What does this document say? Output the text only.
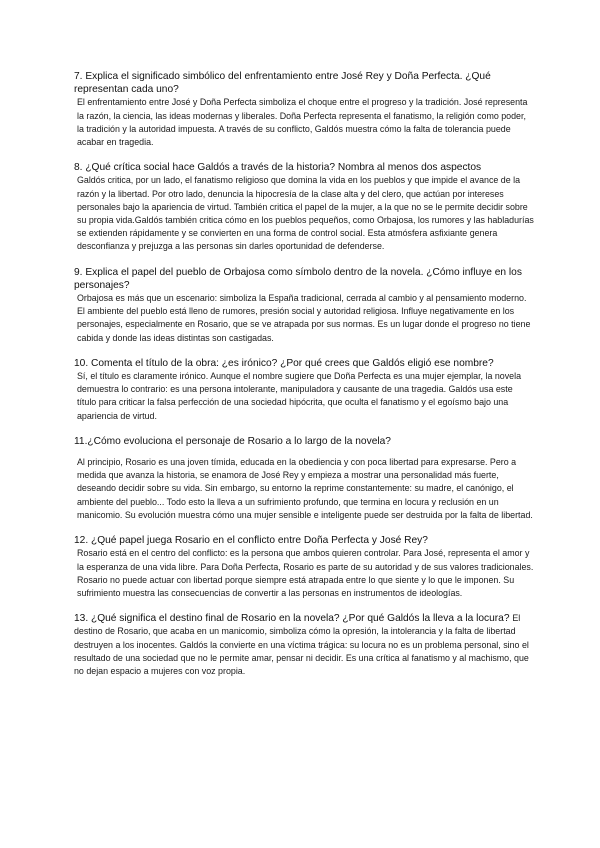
7. Explica el significado simbólico del enfrentamiento entre José Rey y Doña Perfecta. ¿Qué representan cada uno?

El enfrentamiento entre José y Doña Perfecta simboliza el choque entre el progreso y la tradición. José representa la razón, la ciencia, las ideas modernas y liberales. Doña Perfecta representa el fanatismo, la religión como poder, la tradición y la autoridad impuesta. A través de su conflicto, Galdós muestra cómo la falta de tolerancia puede acabar en tragedia.

8. ¿Qué crítica social hace Galdós a través de la historia? Nombra al menos dos aspectos

Galdós critica, por un lado, el fanatismo religioso que domina la vida en los pueblos y que impide el avance de la razón y la libertad. Por otro lado, denuncia la hipocresía de la clase alta y del clero, que actúan por intereses personales bajo la apariencia de virtud. También critica el papel de la mujer, a la que no se le permite decidir sobre su propia vida.Galdós también critica cómo en los pueblos pequeños, como Orbajosa, los rumores y las habladurías se extienden rápidamente y se convierten en una forma de control social. Esta atmósfera asfixiante genera desconfianza y prejuzga a las personas sin darles oportunidad de defenderse.

9. Explica el papel del pueblo de Orbajosa como símbolo dentro de la novela. ¿Cómo influye en los personajes?

Orbajosa es más que un escenario: simboliza la España tradicional, cerrada al cambio y al pensamiento moderno. El ambiente del pueblo está lleno de rumores, presión social y autoridad religiosa. Influye negativamente en los personajes, especialmente en Rosario, que se ve atrapada por sus normas. Es un lugar donde el progreso no tiene cabida y donde las ideas distintas son castigadas.

10. Comenta el título de la obra: ¿es irónico? ¿Por qué crees que Galdós eligió ese nombre?

Sí, el título es claramente irónico. Aunque el nombre sugiere que Doña Perfecta es una mujer ejemplar, la novela demuestra lo contrario: es una persona intolerante, manipuladora y causante de una tragedia. Galdós usa este título para criticar la falsa perfección de una sociedad hipócrita, que oculta el fanatismo y el egoísmo bajo una apariencia de virtud.

11.¿Cómo evoluciona el personaje de Rosario a lo largo de la novela?

Al principio, Rosario es una joven tímida, educada en la obediencia y con poca libertad para expresarse. Pero a medida que avanza la historia, se enamora de José Rey y empieza a mostrar una personalidad más fuerte, deseando decidir sobre su vida. Sin embargo, su entorno la reprime constantemente: su madre, el canónigo, el ambiente del pueblo... Todo esto la lleva a un sufrimiento profundo, que termina en locura y reclusión en un manicomio. Su evolución muestra cómo una mujer sensible e inteligente puede ser destruida por la falta de libertad.

12. ¿Qué papel juega Rosario en el conflicto entre Doña Perfecta y José Rey?

Rosario está en el centro del conflicto: es la persona que ambos quieren controlar. Para José, representa el amor y la esperanza de una vida libre. Para Doña Perfecta, Rosario es parte de su autoridad y de sus valores tradicionales. Rosario no puede actuar con libertad porque siempre está atrapada entre lo que siente y lo que le imponen. Su sufrimiento muestra las consecuencias de convertir a las personas en instrumentos de ideologías.

13. ¿Qué significa el destino final de Rosario en la novela? ¿Por qué Galdós la lleva a la locura? El destino de Rosario, que acaba en un manicomio, simboliza cómo la opresión, la intolerancia y la falta de libertad destruyen a los inocentes. Galdós la convierte en una víctima trágica: su locura no es un problema personal, sino el resultado de una sociedad que no le permite amar, pensar ni decidir. Es una crítica al fanatismo y al machismo, que no dejan espacio a mujeres con voz propia.
